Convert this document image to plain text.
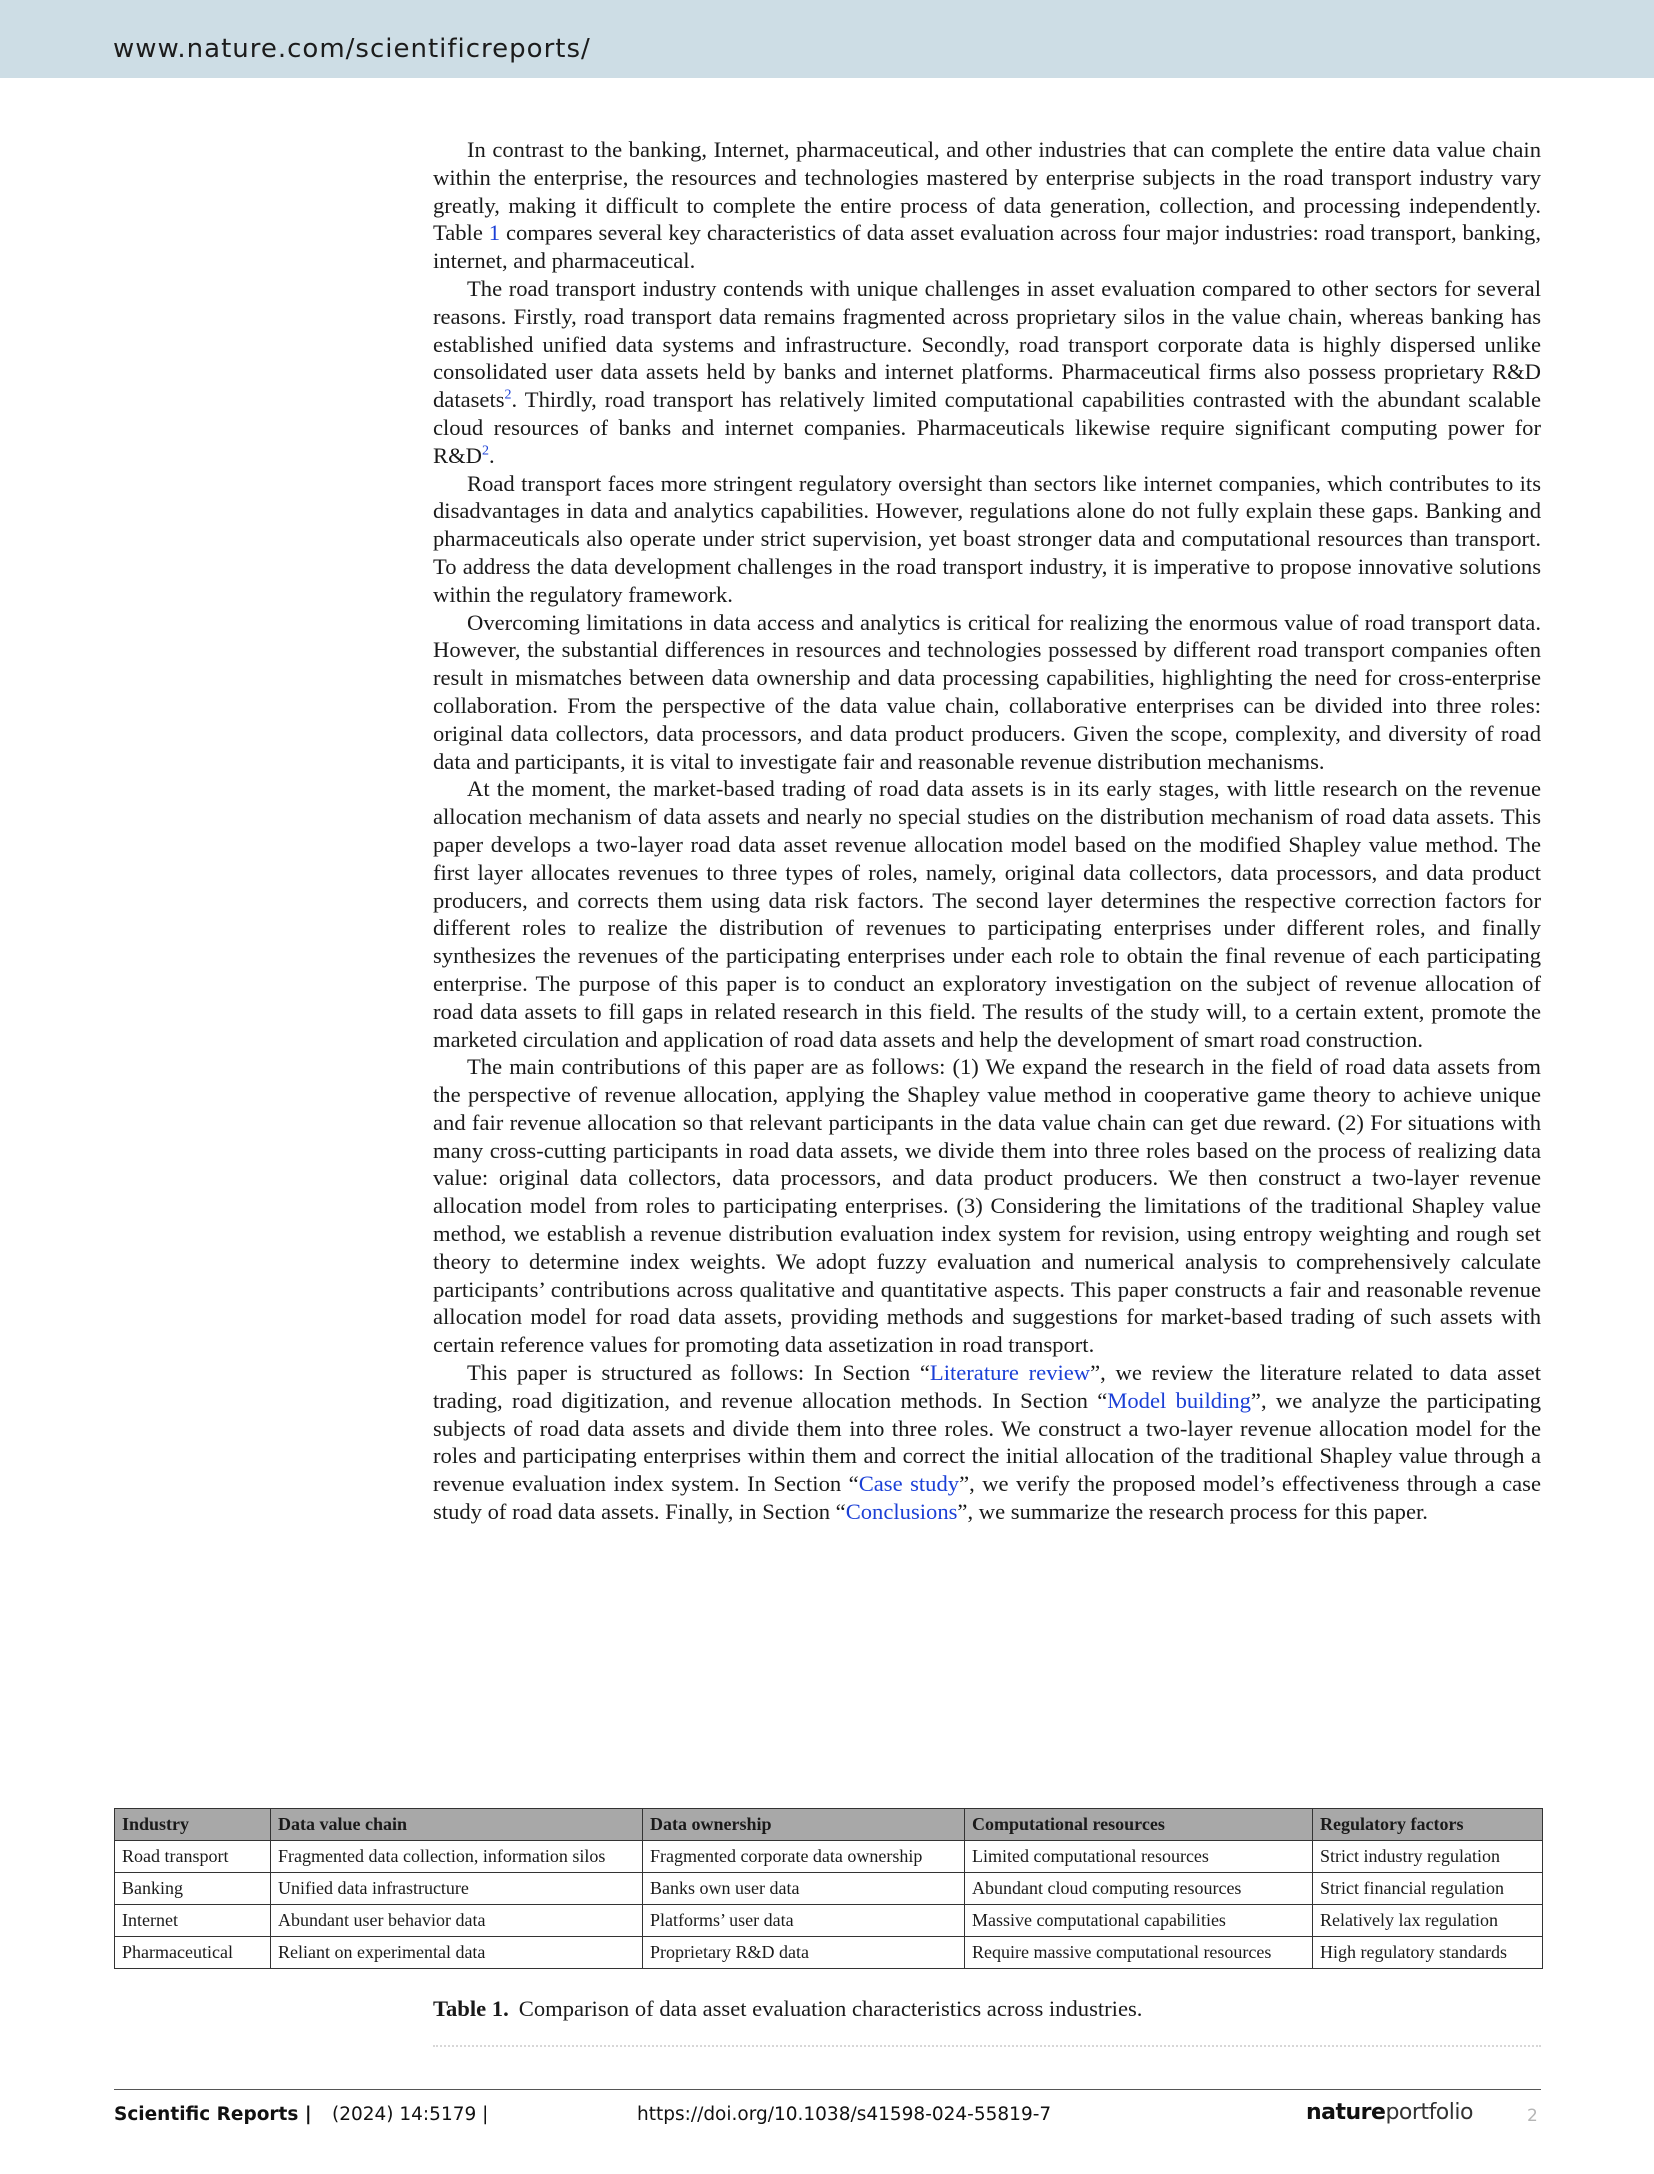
www.nature.com/scientificreports/

In contrast to the banking, Internet, pharmaceutical, and other industries that can complete the entire data value chain within the enterprise, the resources and technologies mastered by enterprise subjects in the road transport industry vary greatly, making it difficult to complete the entire process of data generation, collection, and processing independently. Table 1 compares several key characteristics of data asset evaluation across four major industries: road transport, banking, internet, and pharmaceutical.

The road transport industry contends with unique challenges in asset evaluation compared to other sectors for several reasons. Firstly, road transport data remains fragmented across proprietary silos in the value chain, whereas banking has established unified data systems and infrastructure. Secondly, road transport corporate data is highly dispersed unlike consolidated user data assets held by banks and internet platforms. Pharmaceutical firms also possess proprietary R&D datasets$^2$. Thirdly, road transport has relatively limited computational capabilities contrasted with the abundant scalable cloud resources of banks and internet companies. Pharmaceuticals likewise require significant computing power for R&D$^2$.

Road transport faces more stringent regulatory oversight than sectors like internet companies, which contributes to its disadvantages in data and analytics capabilities. However, regulations alone do not fully explain these gaps. Banking and pharmaceuticals also operate under strict supervision, yet boast stronger data and computational resources than transport. To address the data development challenges in the road transport industry, it is imperative to propose innovative solutions within the regulatory framework.

Overcoming limitations in data access and analytics is critical for realizing the enormous value of road transport data. However, the substantial differences in resources and technologies possessed by different road transport companies often result in mismatches between data ownership and data processing capabilities, highlighting the need for cross-enterprise collaboration. From the perspective of the data value chain, collaborative enterprises can be divided into three roles: original data collectors, data processors, and data product producers. Given the scope, complexity, and diversity of road data and participants, it is vital to investigate fair and reasonable revenue distribution mechanisms.

At the moment, the market-based trading of road data assets is in its early stages, with little research on the revenue allocation mechanism of data assets and nearly no special studies on the distribution mechanism of road data assets. This paper develops a two-layer road data asset revenue allocation model based on the modified Shapley value method. The first layer allocates revenues to three types of roles, namely, original data collectors, data processors, and data product producers, and corrects them using data risk factors. The second layer determines the respective correction factors for different roles to realize the distribution of revenues to participating enterprises under different roles, and finally synthesizes the revenues of the participating enterprises under each role to obtain the final revenue of each participating enterprise. The purpose of this paper is to conduct an exploratory investigation on the subject of revenue allocation of road data assets to fill gaps in related research in this field. The results of the study will, to a certain extent, promote the marketed circulation and application of road data assets and help the development of smart road construction.

The main contributions of this paper are as follows: (1) We expand the research in the field of road data assets from the perspective of revenue allocation, applying the Shapley value method in cooperative game theory to achieve unique and fair revenue allocation so that relevant participants in the data value chain can get due reward. (2) For situations with many cross-cutting participants in road data assets, we divide them into three roles based on the process of realizing data value: original data collectors, data processors, and data product producers. We then construct a two-layer revenue allocation model from roles to participating enterprises. (3) Considering the limitations of the traditional Shapley value method, we establish a revenue distribution evaluation index system for revision, using entropy weighting and rough set theory to determine index weights. We adopt fuzzy evaluation and numerical analysis to comprehensively calculate participants’ contributions across qualitative and quantitative aspects. This paper constructs a fair and reasonable revenue allocation model for road data assets, providing methods and suggestions for market-based trading of such assets with certain reference values for promoting data assetization in road transport.

This paper is structured as follows: In Section “Literature review”, we review the literature related to data asset trading, road digitization, and revenue allocation methods. In Section “Model building”, we analyze the participating subjects of road data assets and divide them into three roles. We construct a two-layer revenue allocation model for the roles and participating enterprises within them and correct the initial allocation of the traditional Shapley value through a revenue evaluation index system. In Section “Case study”, we verify the proposed model’s effectiveness through a case study of road data assets. Finally, in Section “Conclusions”, we summarize the research process for this paper.

Industry	Data value chain	Data ownership	Computational resources	Regulatory factors
Road transport	Fragmented data collection, information silos	Fragmented corporate data ownership	Limited computational resources	Strict industry regulation
Banking	Unified data infrastructure	Banks own user data	Abundant cloud computing resources	Strict financial regulation
Internet	Abundant user behavior data	Platforms’ user data	Massive computational capabilities	Relatively lax regulation
Pharmaceutical	Reliant on experimental data	Proprietary R&D data	Require massive computational resources	High regulatory standards
Table 1. Comparison of data asset evaluation characteristics across industries.
Scientific Reports | (2024) 14:5179 |	https://doi.org/10.1038/s41598-024-55819-7	natureportfolio	2
